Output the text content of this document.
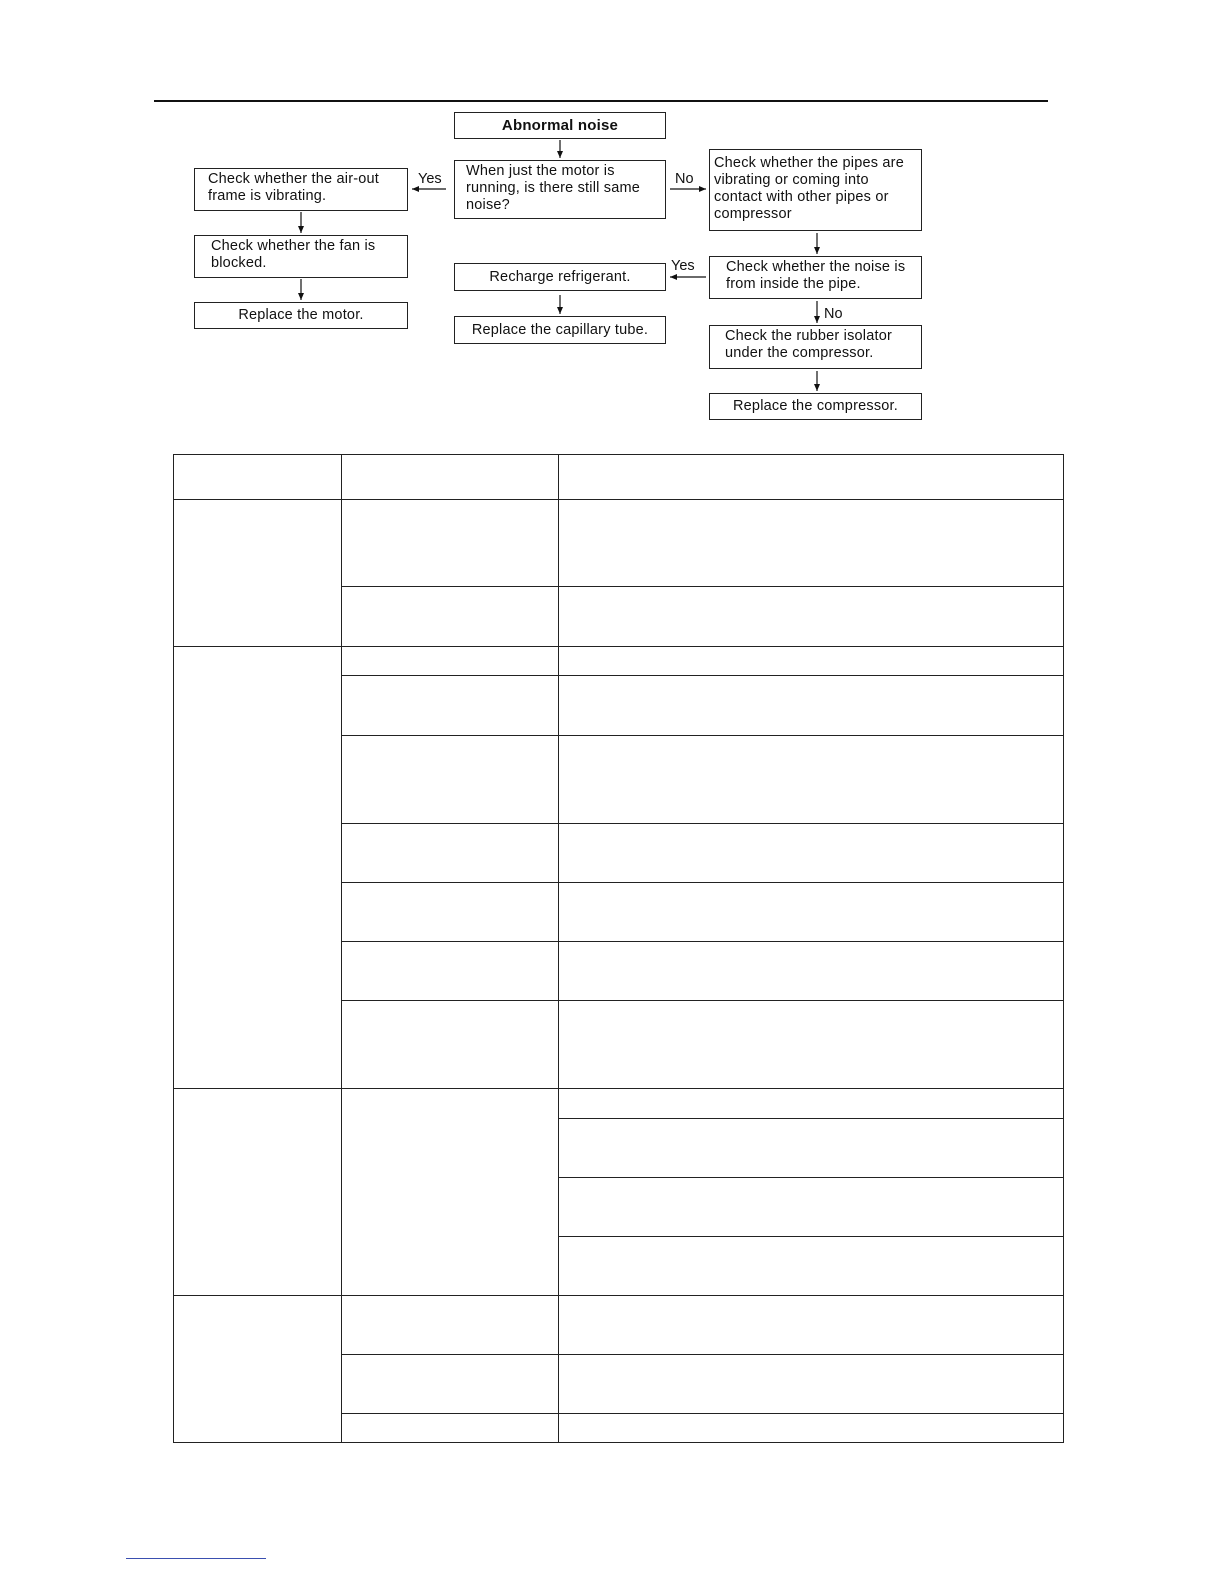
Abnormal noise
When just the motor is running, is there still same noise?
Yes	No
Check whether the air-out frame is vibrating.
Check whether the fan is blocked.
Replace the motor.
Check whether the pipes are vibrating or coming into contact with other pipes or compressor
Check whether the noise is from inside the pipe.
Yes
No
Check the rubber isolator under the compressor.
Replace the compressor.
Recharge refrigerant.
Replace the capillary tube.
